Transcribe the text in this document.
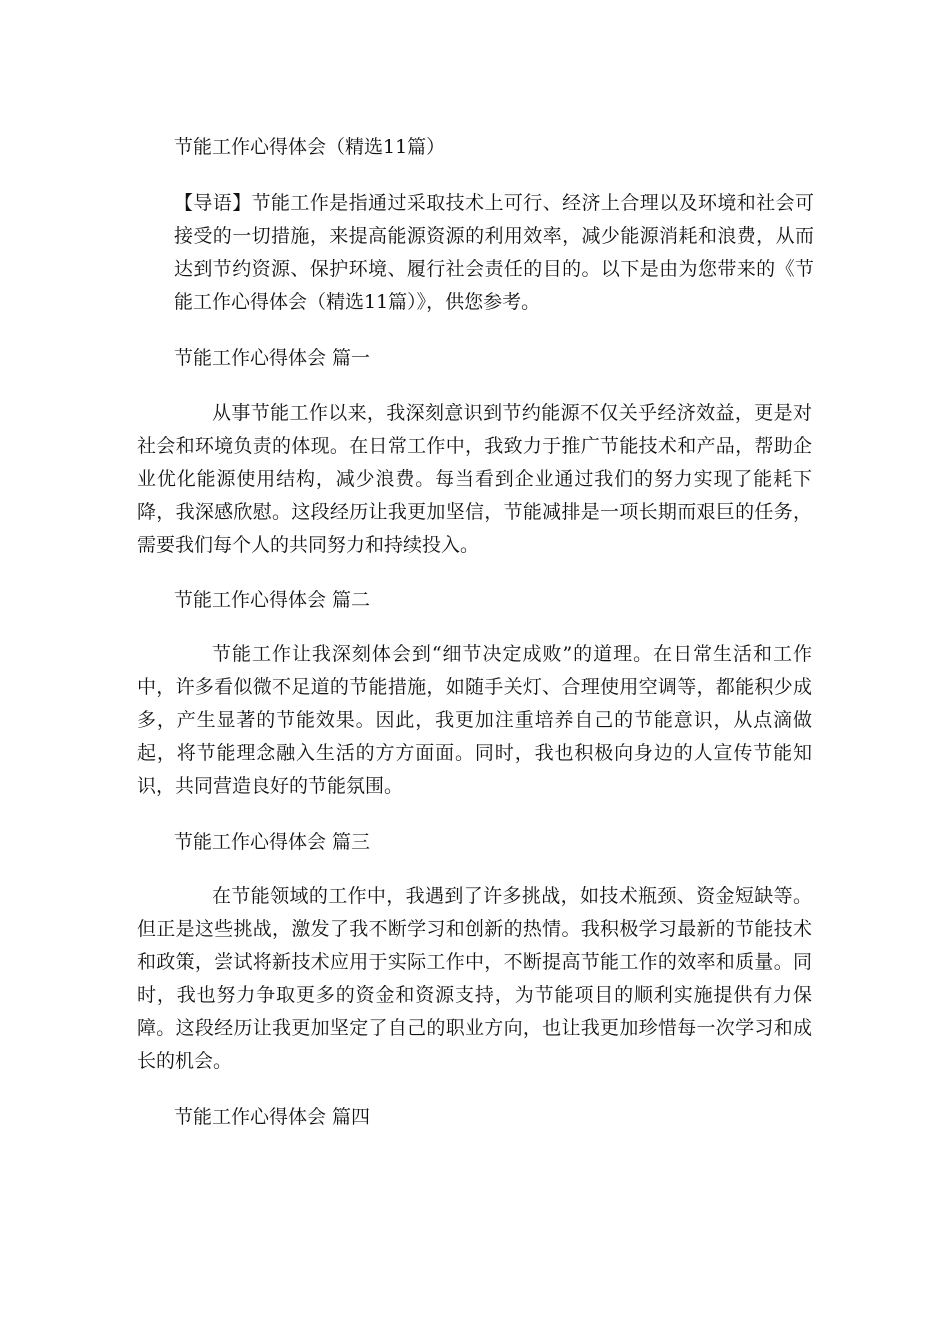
节能工作心得体会（精选11篇）

【导语】节能工作是指通过采取技术上可行、经济上合理以及环境和社会可接受的一切措施，来提高能源资源的利用效率，减少能源消耗和浪费，从而达到节约资源、保护环境、履行社会责任的目的。以下是由为您带来的《节能工作心得体会（精选11篇）》，供您参考。

节能工作心得体会 篇一

从事节能工作以来，我深刻意识到节约能源不仅关乎经济效益，更是对社会和环境负责的体现。在日常工作中，我致力于推广节能技术和产品，帮助企业优化能源使用结构，减少浪费。每当看到企业通过我们的努力实现了能耗下降，我深感欣慰。这段经历让我更加坚信，节能减排是一项长期而艰巨的任务，需要我们每个人的共同努力和持续投入。

节能工作心得体会 篇二

节能工作让我深刻体会到“细节决定成败”的道理。在日常生活和工作中，许多看似微不足道的节能措施，如随手关灯、合理使用空调等，都能积少成多，产生显著的节能效果。因此，我更加注重培养自己的节能意识，从点滴做起，将节能理念融入生活的方方面面。同时，我也积极向身边的人宣传节能知识，共同营造良好的节能氛围。

节能工作心得体会 篇三

在节能领域的工作中，我遇到了许多挑战，如技术瓶颈、资金短缺等。但正是这些挑战，激发了我不断学习和创新的热情。我积极学习最新的节能技术和政策，尝试将新技术应用于实际工作中，不断提高节能工作的效率和质量。同时，我也努力争取更多的资金和资源支持，为节能项目的顺利实施提供有力保障。这段经历让我更加坚定了自己的职业方向，也让我更加珍惜每一次学习和成长的机会。

节能工作心得体会 篇四
